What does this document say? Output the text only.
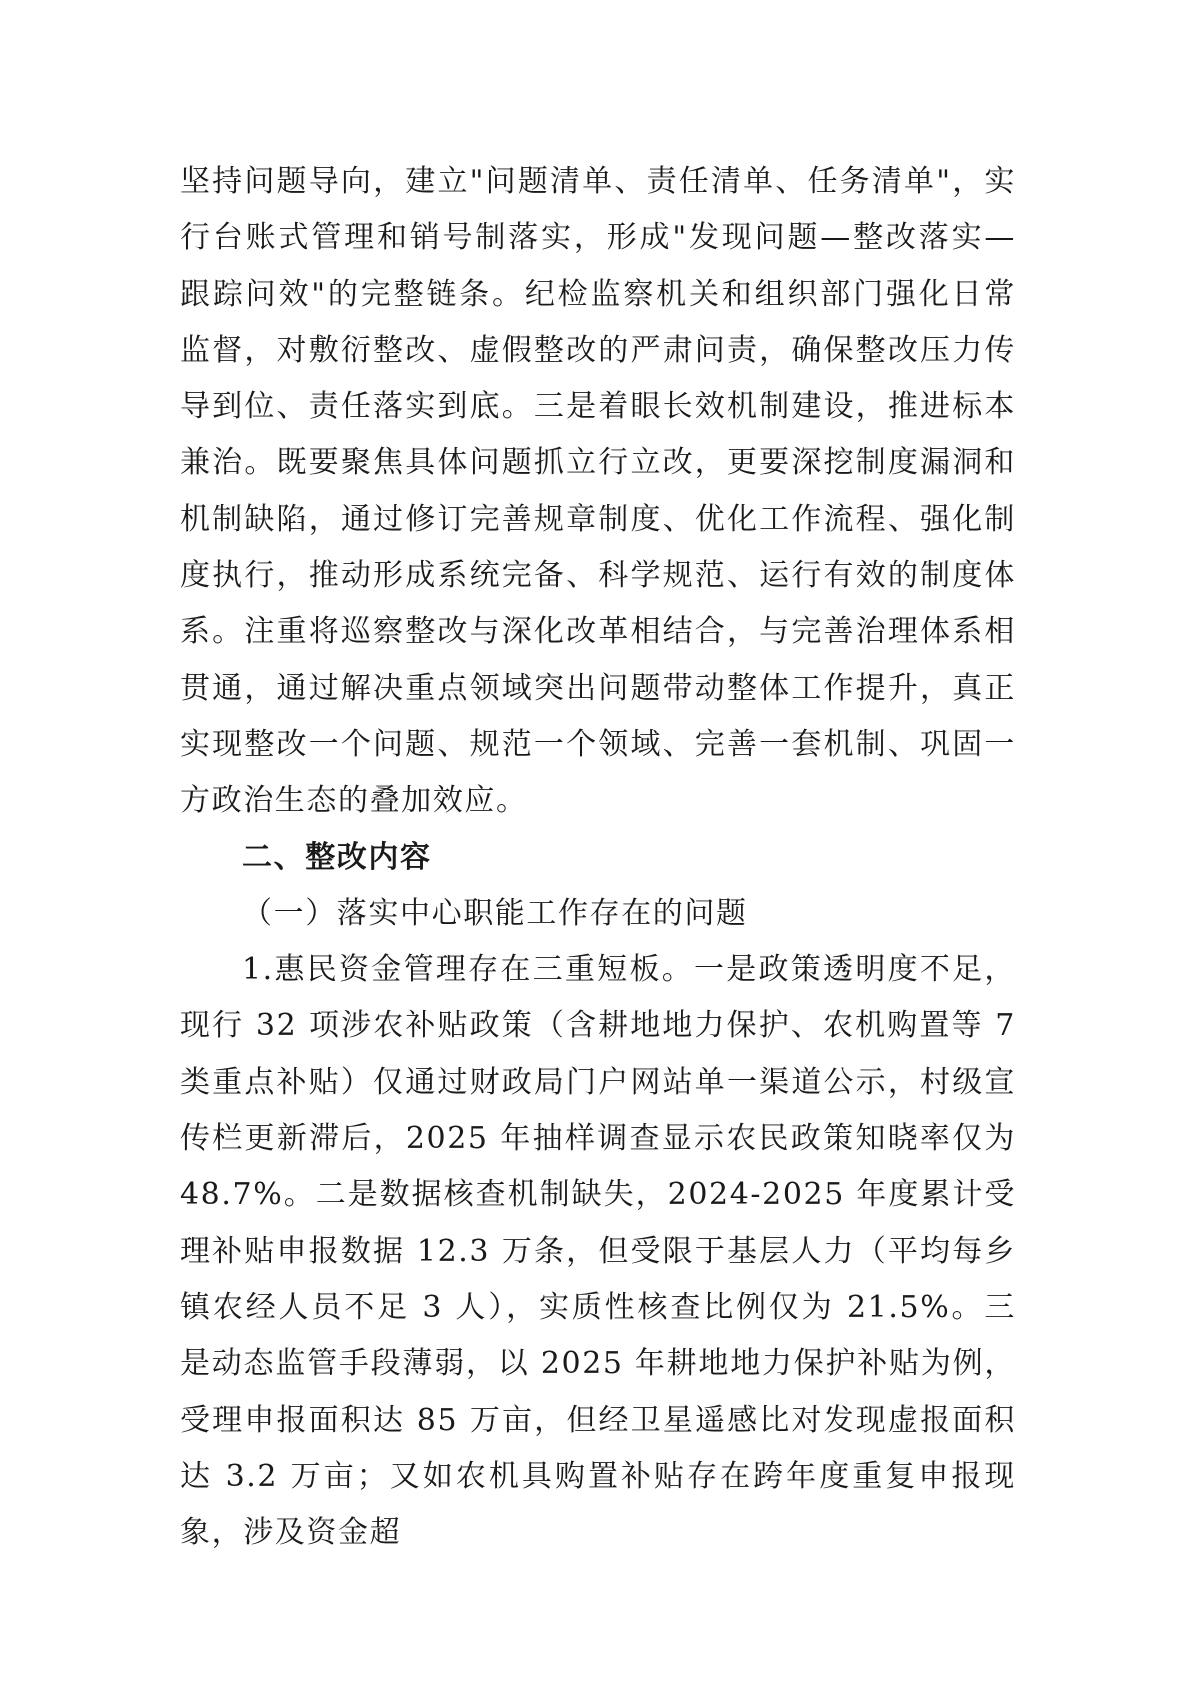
坚持问题导向，建立"问题清单、责任清单、任务清单"，实行台账式管理和销号制落实，形成"发现问题—整改落实—跟踪问效"的完整链条。纪检监察机关和组织部门强化日常监督，对敷衍整改、虚假整改的严肃问责，确保整改压力传导到位、责任落实到底。三是着眼长效机制建设，推进标本兼治。既要聚焦具体问题抓立行立改，更要深挖制度漏洞和机制缺陷，通过修订完善规章制度、优化工作流程、强化制度执行，推动形成系统完备、科学规范、运行有效的制度体系。注重将巡察整改与深化改革相结合，与完善治理体系相贯通，通过解决重点领域突出问题带动整体工作提升，真正实现整改一个问题、规范一个领域、完善一套机制、巩固一方政治生态的叠加效应。

二、整改内容

（一）落实中心职能工作存在的问题

1.惠民资金管理存在三重短板。一是政策透明度不足，现行 32 项涉农补贴政策（含耕地地力保护、农机购置等 7 类重点补贴）仅通过财政局门户网站单一渠道公示，村级宣传栏更新滞后，2025 年抽样调查显示农民政策知晓率仅为 48.7%。二是数据核查机制缺失，2024-2025 年度累计受理补贴申报数据 12.3 万条，但受限于基层人力（平均每乡镇农经人员不足 3 人），实质性核查比例仅为 21.5%。三是动态监管手段薄弱，以 2025 年耕地地力保护补贴为例，受理申报面积达 85 万亩，但经卫星遥感比对发现虚报面积达 3.2 万亩；又如农机具购置补贴存在跨年度重复申报现象，涉及资金超
